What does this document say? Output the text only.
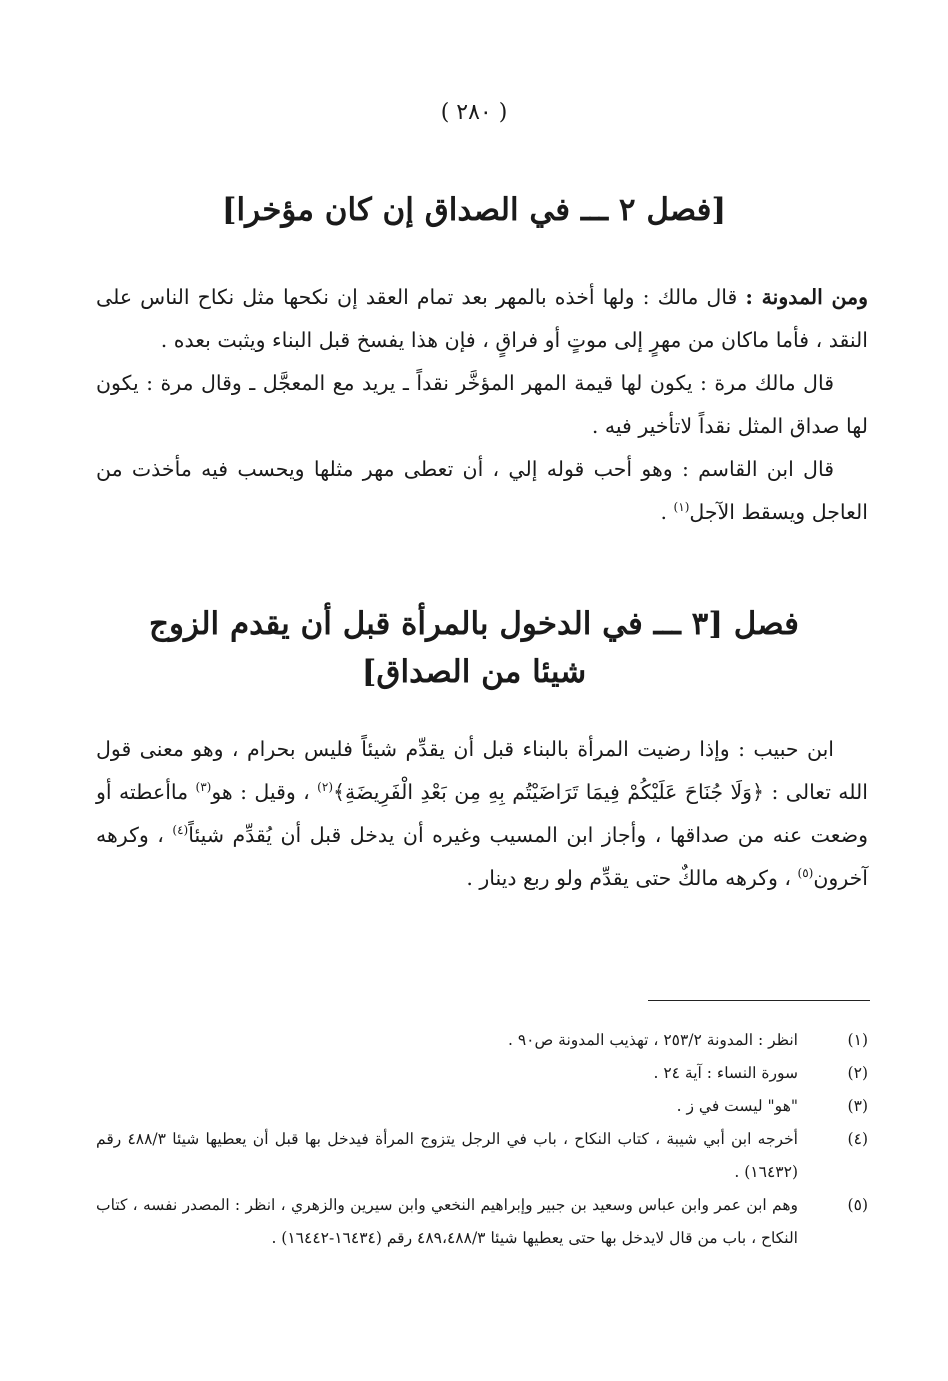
( ٢٨٠ )
[فصل ٢ ـــ في الصداق إن كان مؤخرا]

ومن المدونة : قال مالك : ولها أخذه بالمهر بعد تمام العقد إن نكحها مثل نكاح الناس على النقد ، فأما ماكان من مهرٍ إلى موتٍ أو فراقٍ ، فإن هذا يفسخ قبل البناء ويثبت بعده .

قال مالك مرة : يكون لها قيمة المهر المؤخَّر نقداً ـ يريد مع المعجَّل ـ وقال مرة : يكون لها صداق المثل نقداً لاتأخير فيه .

قال ابن القاسم : وهو أحب قوله إلي ، أن تعطى مهر مثلها ويحسب فيه مأخذت من العاجل ويسقط الآجل$^{(١)}$ .

فصل [٣ ـــ في الدخول بالمرأة قبل أن يقدم الزوج
شيئا من الصداق]

ابن حبيب : وإذا رضيت المرأة بالبناء قبل أن يقدِّم شيئاً فليس بحرام ، وهو معنى قول الله تعالى : ﴿وَلَا جُنَاحَ عَلَيْكُمْ فِيمَا تَرَاضَيْتُم بِهِ مِن بَعْدِ الْفَرِيضَةِ﴾$^{(٢)}$ ، وقيل : هو$^{(٣)}$ ماأعطته أو وضعت عنه من صداقها ، وأجاز ابن المسيب وغيره أن يدخل قبل أن يُقدِّم شيئاً$^{(٤)}$ ، وكرهه آخرون$^{(٥)}$ ، وكرهه مالكٌ حتى يقدِّم ولو ربع دينار .

(١)
انظر : المدونة ٢٥٣/٢ ، تهذيب المدونة ص٩٠ .
(٢)
سورة النساء : آية ٢٤ .
(٣)
"هو" ليست في ز .
(٤)
أخرجه ابن أبي شيبة ، كتاب النكاح ، باب في الرجل يتزوج المرأة فيدخل بها قبل أن يعطيها شيئا ٤٨٨/٣ رقم (١٦٤٣٢) .
(٥)
وهم ابن عمر وابن عباس وسعيد بن جبير وإبراهيم النخعي وابن سيرين والزهري ، انظر : المصدر نفسه ، كتاب النكاح ، باب من قال لايدخل بها حتى يعطيها شيئا ٤٨٩،٤٨٨/٣ رقم (١٦٤٣٤-١٦٤٤٢) .
